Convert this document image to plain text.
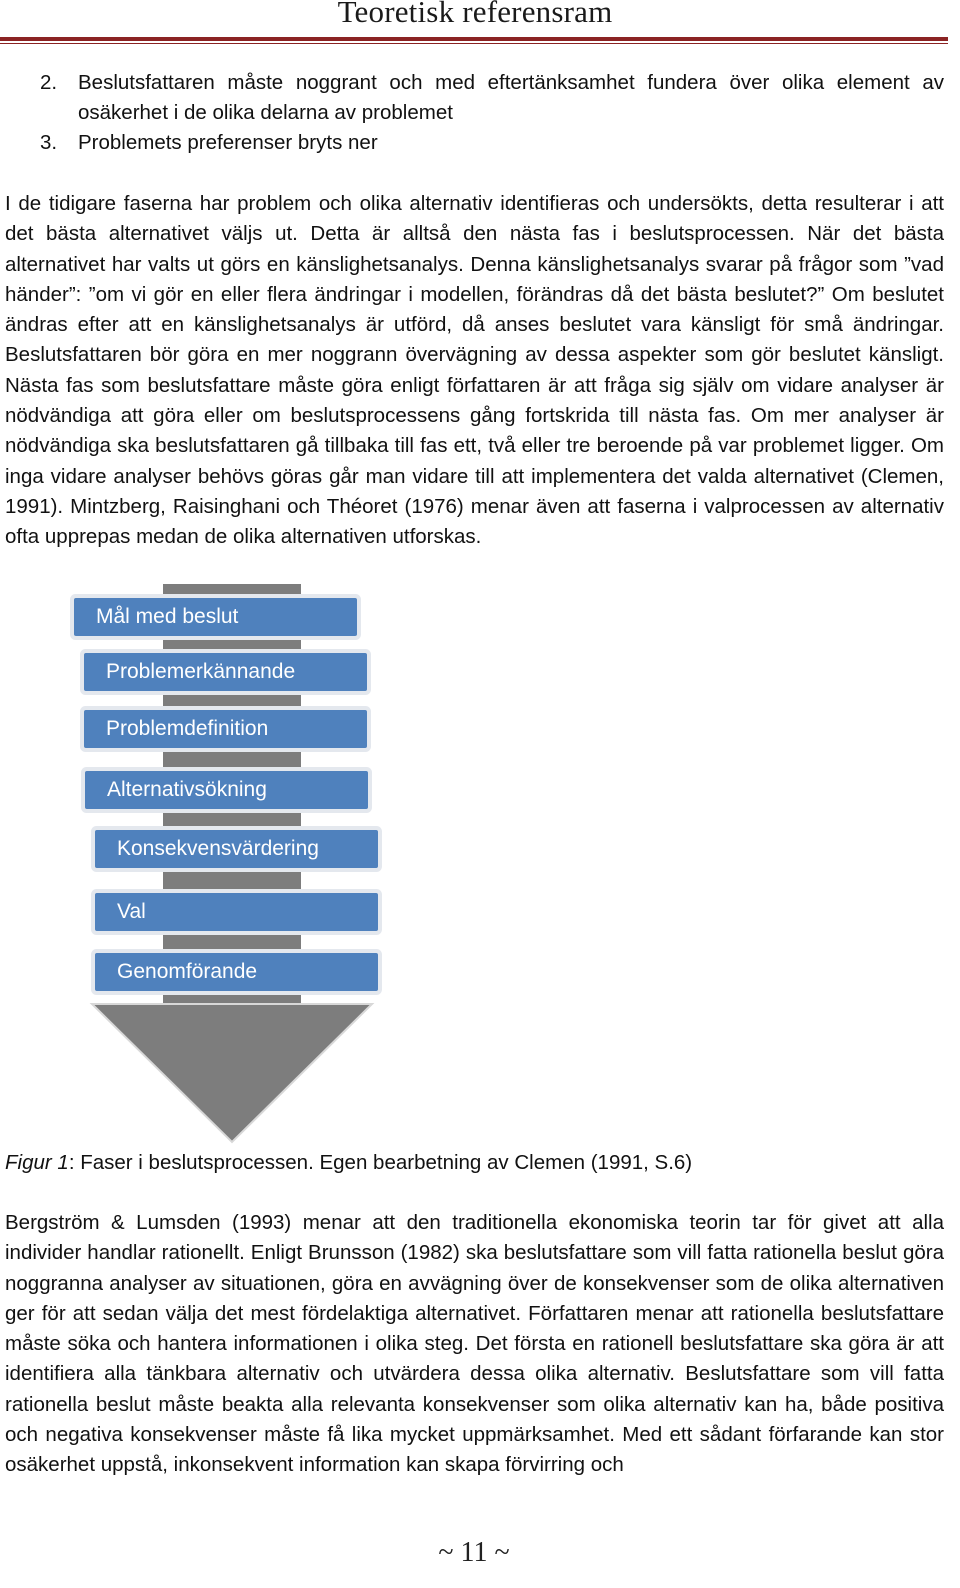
Teoretisk referensram
2.	Beslutsfattaren måste noggrant och med eftertänksamhet fundera över olika element av osäkerhet i de olika delarna av problemet
3.	Problemets preferenser bryts ner

I de tidigare faserna har problem och olika alternativ identifieras och undersökts, detta resulterar i att det bästa alternativet väljs ut. Detta är alltså den nästa fas i beslutsprocessen. När det bästa alternativet har valts ut görs en känslighetsanalys. Denna känslighetsanalys svarar på frågor som ”vad händer”: ”om vi gör en eller flera ändringar i modellen, förändras då det bästa beslutet?” Om beslutet ändras efter att en känslighetsanalys är utförd, då anses beslutet vara känsligt för små ändringar. Beslutsfattaren bör göra en mer noggrann övervägning av dessa aspekter som gör beslutet känsligt. Nästa fas som beslutsfattare måste göra enligt författaren är att fråga sig själv om vidare analyser är nödvändiga att göra eller om beslutsprocessens gång fortskrida till nästa fas. Om mer analyser är nödvändiga ska beslutsfattaren gå tillbaka till fas ett, två eller tre beroende på var problemet ligger. Om inga vidare analyser behövs göras går man vidare till att implementera det valda alternativet (Clemen, 1991). Mintzberg, Raisinghani och Théoret (1976) menar även att faserna i valprocessen av alternativ ofta upprepas medan de olika alternativen utforskas.

Mål med beslut
Problemerkännande
Problemdefinition
Alternativsökning
Konsekvensvärdering
Val
Genomförande
Figur 1: Faser i beslutsprocessen. Egen bearbetning av Clemen (1991, S.6)

Bergström & Lumsden (1993) menar att den traditionella ekonomiska teorin tar för givet att alla individer handlar rationellt. Enligt Brunsson (1982) ska beslutsfattare som vill fatta rationella beslut göra noggranna analyser av situationen, göra en avvägning över de konsekvenser som de olika alternativen ger för att sedan välja det mest fördelaktiga alternativet. Författaren menar att rationella beslutsfattare måste söka och hantera informationen i olika steg. Det första en rationell beslutsfattare ska göra är att identifiera alla tänkbara alternativ och utvärdera dessa olika alternativ. Beslutsfattare som vill fatta rationella beslut måste beakta alla relevanta konsekvenser som olika alternativ kan ha, både positiva och negativa konsekvenser måste få lika mycket uppmärksamhet. Med ett sådant förfarande kan stor osäkerhet uppstå, inkonsekvent information kan skapa förvirring och

~ 11 ~
